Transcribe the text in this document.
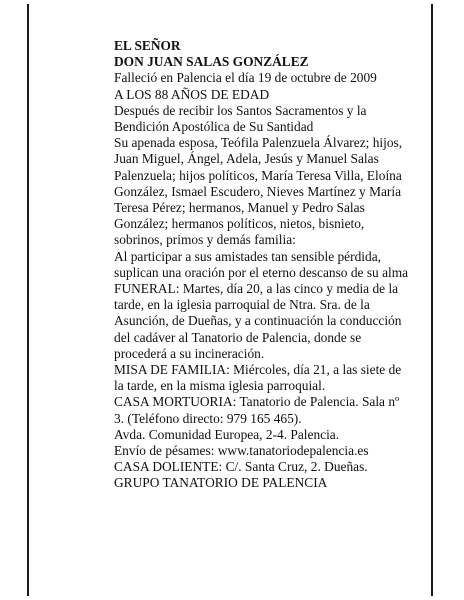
EL SEÑOR
DON JUAN SALAS GONZÁLEZ
Falleció en Palencia el día 19 de octubre de 2009
A LOS 88 AÑOS DE EDAD
Después de recibir los Santos Sacramentos y la
Bendición Apostólica de Su Santidad
Su apenada esposa, Teófila Palenzuela Álvarez; hijos,
Juan Miguel, Ángel, Adela, Jesús y Manuel Salas
Palenzuela; hijos políticos, María Teresa Villa, Eloína
González, Ismael Escudero, Nieves Martínez y María
Teresa Pérez; hermanos, Manuel y Pedro Salas
González; hermanos políticos, nietos, bisnieto,
sobrinos, primos y demás familia:
Al participar a sus amistades tan sensible pérdida,
suplican una oración por el eterno descanso de su alma
FUNERAL: Martes, día 20, a las cinco y media de la
tarde, en la iglesia parroquial de Ntra. Sra. de la
Asunción, de Dueñas, y a continuación la conducción
del cadáver al Tanatorio de Palencia, donde se
procederá a su incineración.
MISA DE FAMILIA: Miércoles, día 21, a las siete de
la tarde, en la misma iglesia parroquial.
CASA MORTUORIA: Tanatorio de Palencia. Sala nº
3. (Teléfono directo: 979 165 465).
Avda. Comunidad Europea, 2-4. Palencia.
Envío de pésames: www.tanatoriodepalencia.es
CASA DOLIENTE: C/. Santa Cruz, 2. Dueñas.
GRUPO TANATORIO DE PALENCIA
